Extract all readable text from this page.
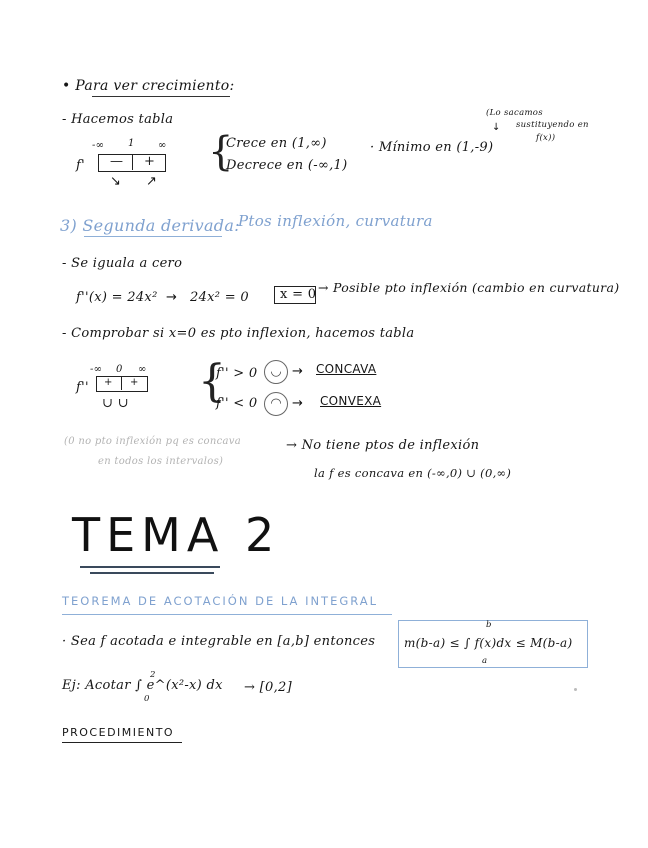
• Para ver crecimiento:
- Hacemos tabla
-∞ 1 ∞
f' — +
↘ ↗
{
Crece en (1,∞)
Decrece en (-∞,1)
· Mínimo en (1,-9)
(Lo sacamos
sustituyendo en
f(x))
↓
3) Segunda derivada:
Ptos inflexión, curvatura
- Se iguala a cero
f''(x) = 24x² → 24x² = 0 x = 0 → Posible pto inflexión (cambio en curvatura)
- Comprobar si x=0 es pto inflexion, hacemos tabla
-∞ 0 ∞
f'' + +
∪ ∪ {
f'' > 0
f'' < 0
◡
◠
→
→
CONCAVA
CONVEXA
(0 no pto inflexión pq es concava
en todos los intervalos)
→ No tiene ptos de inflexión
la f es concava en (-∞,0) ∪ (0,∞)
TEMA 2
TEOREMA DE ACOTACIÓN DE LA INTEGRAL
· Sea f acotada e integrable en [a,b] entonces m(b-a) ≤ ∫ f(x)dx ≤ M(b-a)
b
a
Ej: Acotar ∫ e^(x²-x) dx
2
0
→ [0,2]
PROCEDIMIENTO
